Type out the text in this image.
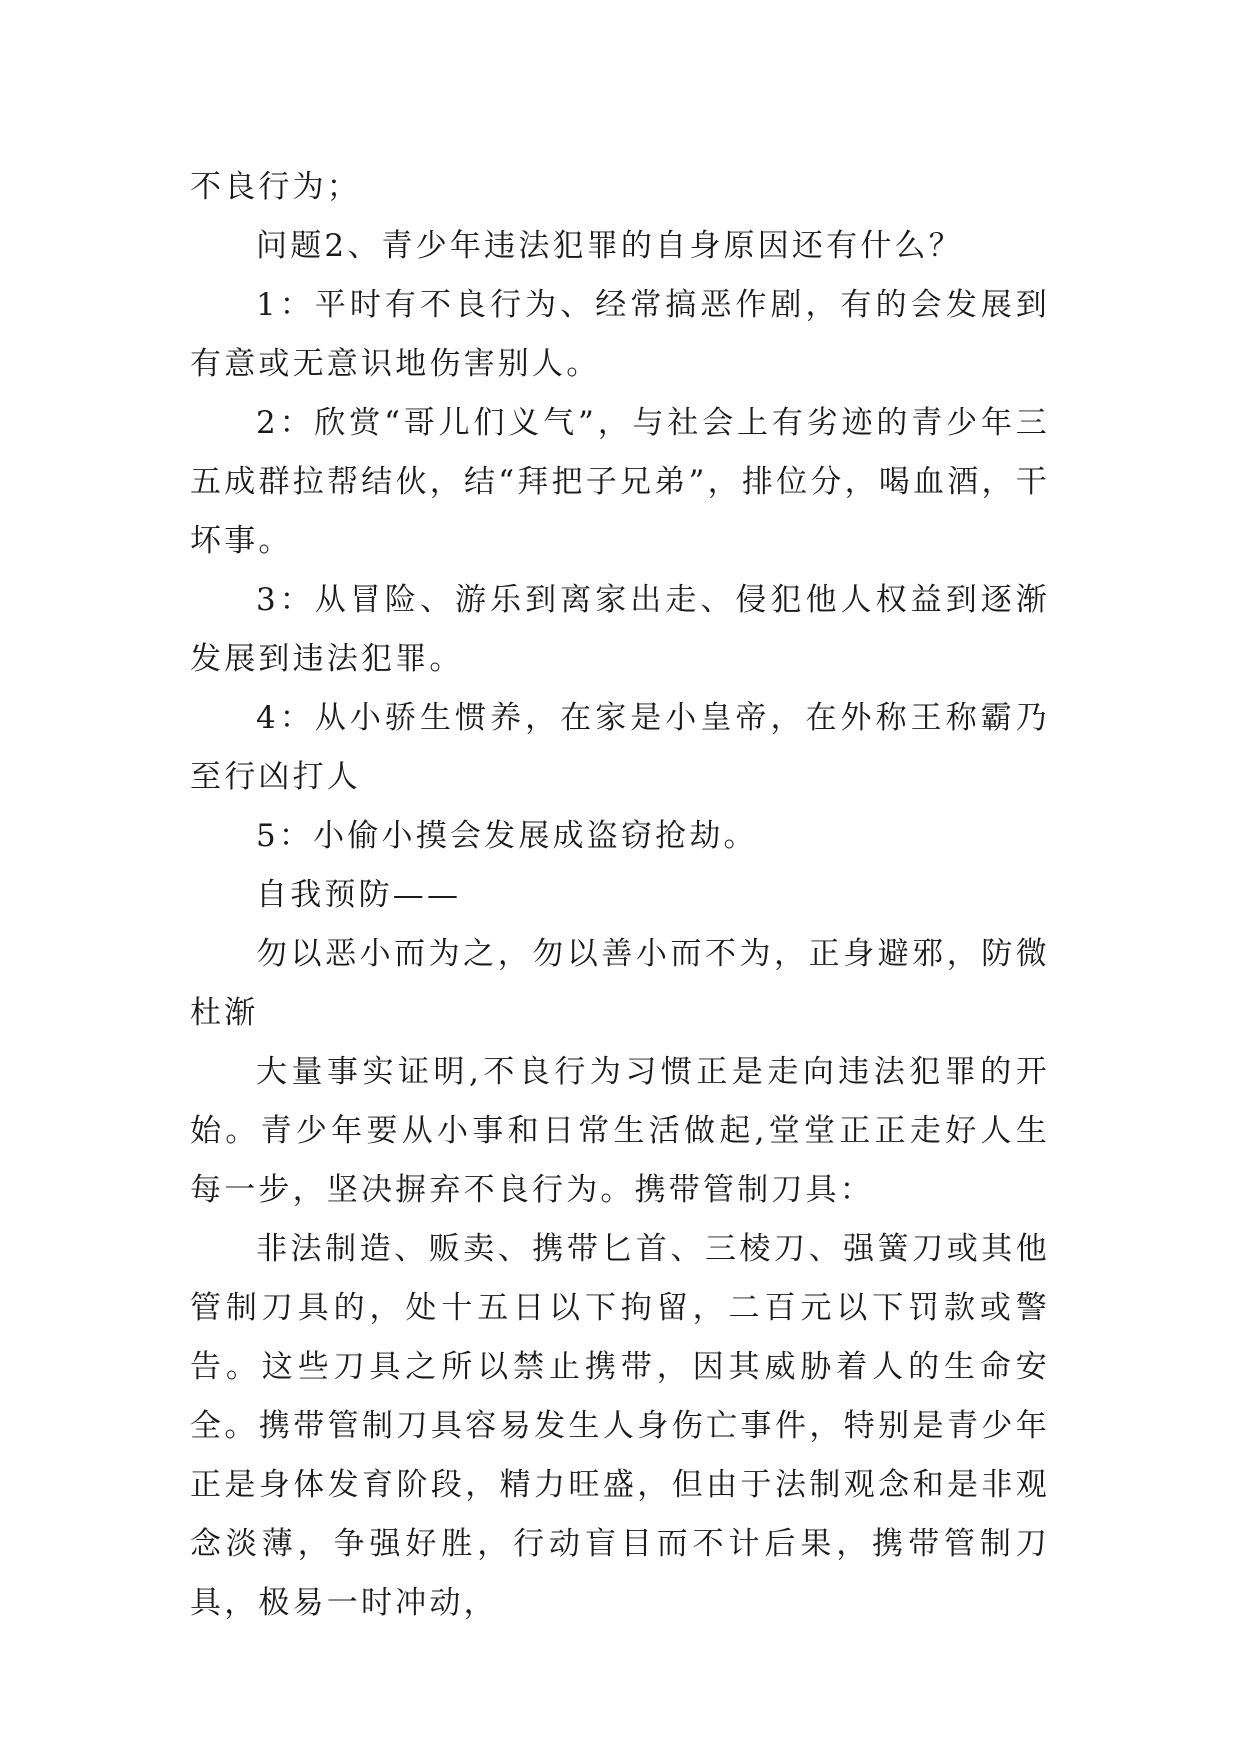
不良行为；

问题2、青少年违法犯罪的自身原因还有什么？

1：平时有不良行为、经常搞恶作剧，有的会发展到有意或无意识地伤害别人。

2：欣赏“哥儿们义气”，与社会上有劣迹的青少年三五成群拉帮结伙，结“拜把子兄弟”，排位分，喝血酒，干坏事。

3：从冒险、游乐到离家出走、侵犯他人权益到逐渐发展到违法犯罪。

4：从小骄生惯养，在家是小皇帝，在外称王称霸乃至行凶打人

5：小偷小摸会发展成盗窃抢劫。

自我预防——

勿以恶小而为之，勿以善小而不为，正身避邪，防微杜渐

大量事实证明,不良行为习惯正是走向违法犯罪的开始。青少年要从小事和日常生活做起,堂堂正正走好人生每一步，坚决摒弃不良行为。携带管制刀具：

非法制造、贩卖、携带匕首、三棱刀、强簧刀或其他管制刀具的，处十五日以下拘留，二百元以下罚款或警告。这些刀具之所以禁止携带，因其威胁着人的生命安全。携带管制刀具容易发生人身伤亡事件，特别是青少年正是身体发育阶段，精力旺盛，但由于法制观念和是非观念淡薄，争强好胜，行动盲目而不计后果，携带管制刀具，极易一时冲动，
